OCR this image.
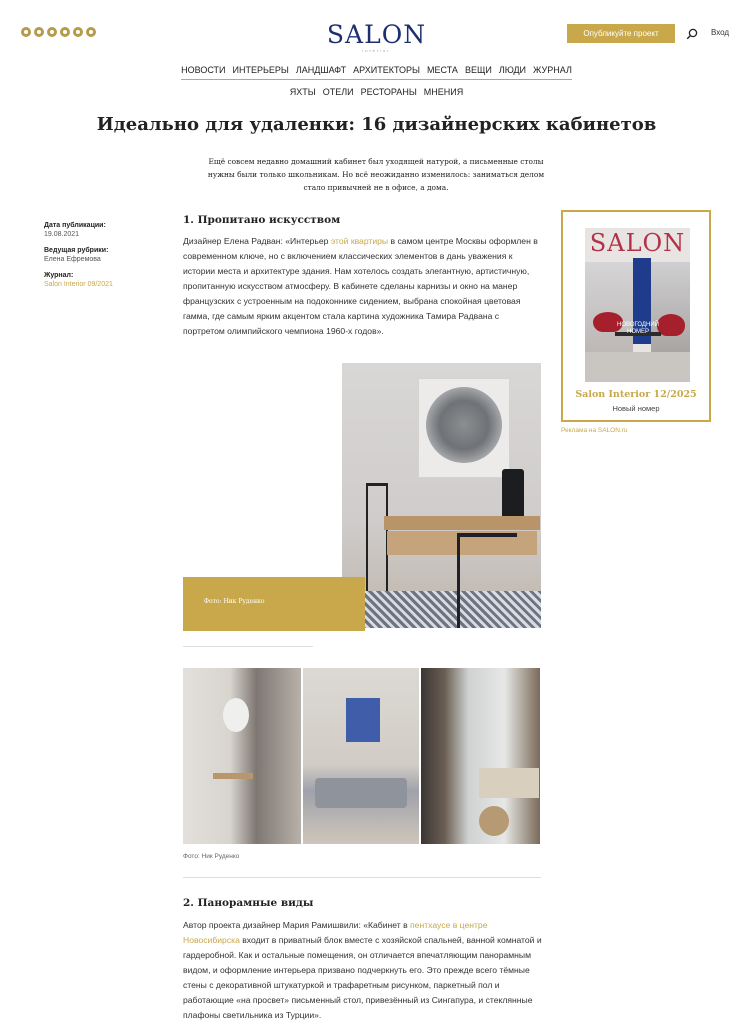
SALON
interior
Опубликуйте проект	Вход
НОВОСТИ ИНТЕРЬЕРЫ ЛАНДШАФТ АРХИТЕКТОРЫ МЕСТА ВЕЩИ ЛЮДИ ЖУРНАЛ
ЯХТЫ ОТЕЛИ РЕСТОРАНЫ МНЕНИЯ
Идеально для удаленки: 16 дизайнерских кабинетов

Ещё совсем недавно домашний кабинет был уходящей натурой, а письменные столы нужны были только школьникам. Но всё неожиданно изменилось: заниматься делом стало привычней не в офисе, а дома.

Дата публикации:
19.08.2021
Ведущая рубрики:
Елена Ефремова
Журнал:
Salon Interior 09/2021
1. Пропитано искусством

Дизайнер Елена Радван: «Интерьер этой квартиры в самом центре Москвы оформлен в современном ключе, но с включением классических элементов в дань уважения к истории места и архитектуре здания. Нам хотелось создать элегантную, артистичную, пропитанную искусством атмосферу. В кабинете сделаны карнизы и окно на манер французских с устроенным на подоконнике сидением, выбрана спокойная цветовая гамма, где самым ярким акцентом стала картина художника Тамира Радвана с портретом олимпийского чемпиона 1960-х годов».

Фото: Ник Руденко
Фото: Ник Руденко
2. Панорамные виды

Автор проекта дизайнер Мария Рамишвили: «Кабинет в пентхаусе в центре Новосибирска входит в приватный блок вместе с хозяйской спальней, ванной комнатой и гардеробной. Как и остальные помещения, он отличается впечатляющим панорамным видом, и оформление интерьера призвано подчеркнуть его. Это прежде всего тёмные стены с декоративной штукатуркой и трафаретным рисунком, паркетный пол и работающие «на просвет» письменный стол, привезённый из Сингапура, и стеклянные плафоны светильника из Турции».

SALON
НОВОГОДНИЙ НОМЕР
Salon Interior 12/2025
Новый номер
Реклама на SALON.ru
